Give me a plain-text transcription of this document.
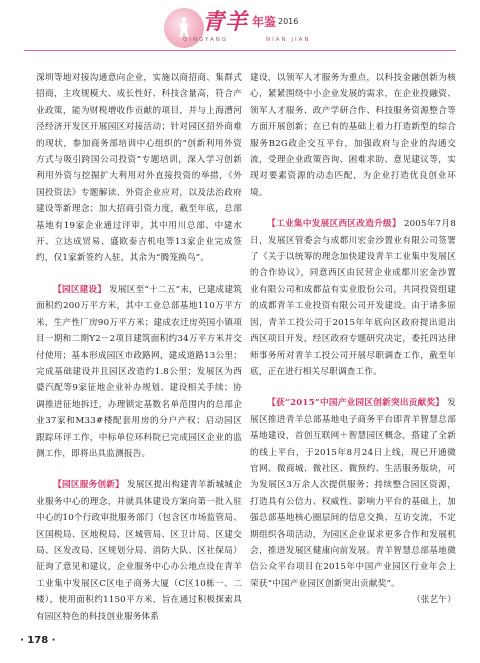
青羊 年鉴 2016
QINGYANG	NIAN JIAN

深圳等地对接沟通意向企业，实施以商招商、集群式招商，主攻规模大、成长性好、科技含量高，符合产业政策，能为财税增收作贡献的项目，并与上海漕河泾经济开发区开展园区对接活动；针对园区招外商难的现状，参加商务部培训中心组织的“创新利用外资方式与吸引跨国公司投资”专题培训，深入学习创新利用外资与挖掘扩大利用对外直接投资的举措，《外国投资法》专题解读、外资企业应对，以及法治政府建设等新理念；加大招商引资力度，截至年底，总部基地有19家企业通过评审，其中用川总部、中建水开、立达成贸易、盛欧泰吉机电等13家企业完成签约，仅1家新签约入驻，其余为“腾笼换鸟”。

【园区建设】 发展区至“十二五”末，已建成建筑面积约200万平方米，其中工业总部基地110万平方米，生产性厂房90万平方米；建成农迁房英国小镇项目一期和二期Y2－2项目建筑面积约34万平方米并交付使用；基本形成园区市政路网，建成道路13公里；完成基础建设并且园区改造约1.8公里；发展区为西婆汽配等9家征地企业补办规划、建设相关手续；协调推进征地拆迁，办理锁定基数名单范围内的总部企业37家和M33#楼配套用房的分户产权；启动园区跟踪环评工作，中标单位环科院已完成园区企业的监测工作，即将出具监测报告。

【园区服务创新】 发展区提出构建青羊新城城企业服务中心的理念，并就具体建设方案向第一批入驻中心的10个行政审批服务部门（包含区市场监管局、区国税局、区地税局、区城管局、区卫计局、区建交局、区发改局、区规划分局、消防大队、区社保局）征询了意见和建议，企业服务中心办公地点设在青羊工业集中发展区C区电子商务大厦（C区10栋一、二楼），使用面积约1150平方米，旨在通过积极探索具有园区特色的科技创业服务体系

建设，以领军人才服务为重点，以科技金融创新为核心，紧紧围绕中小企业发展的需求，在企业投融资、领军人才服务、政产学研合作、科技服务资源整合等方面开展创新；在已有的基础上着力打造新型的综合服务B2G政企交互平台，加强政府与企业的沟通交流，受理企业政策咨询、困难求助、意见建议等，实现对要素资源的动态匹配，为企业打造优良创业环境。

【工业集中发展区西区改造升级】 2005年7月8日，发展区管委会与成都川宏金沙置业有限公司签署了《关于以统筹的理念加快建设青羊工业集中发展区的合作协议》，同意西区由民营企业成都川宏金沙置业有限公司和成都益有实业股份公司，共同投资组建的成都青羊工业投资有限公司开发建设。由于诸多原因，青羊工投公司于2015年年底向区政府提出退出西区项目开发，经区政府专题研究决定，委托四达律师事务所对青羊工投公司开展尽职调查工作，截至年底，正在进行相关尽职调查工作。

【获“2015”中国产业园区创新突出贡献奖】 发展区推进青羊总部基地电子商务平台即青羊智慧总部基地建设，首创互联网＋智慧园区概念，搭建了全新的线上平台，于2015年8月24日上线，现已开通微官网、微商城、微社区、微预约、生活服务版块，可为发展区3万余人次提供服务；持续整合园区资源，打造具有公信力、权威性、影响力平台的基础上，加强总部基地核心圈层间的信息交换、互访交流，不定期组织各项活动，为园区企业谋求更多合作和发展机会，推进发展区健康向前发展。青羊智慧总部基地微信公众平台项目在2015年中国产业园区行业年会上荣获“中国产业园区创新突出贡献奖”。
（张艺午）

· 178 ·
